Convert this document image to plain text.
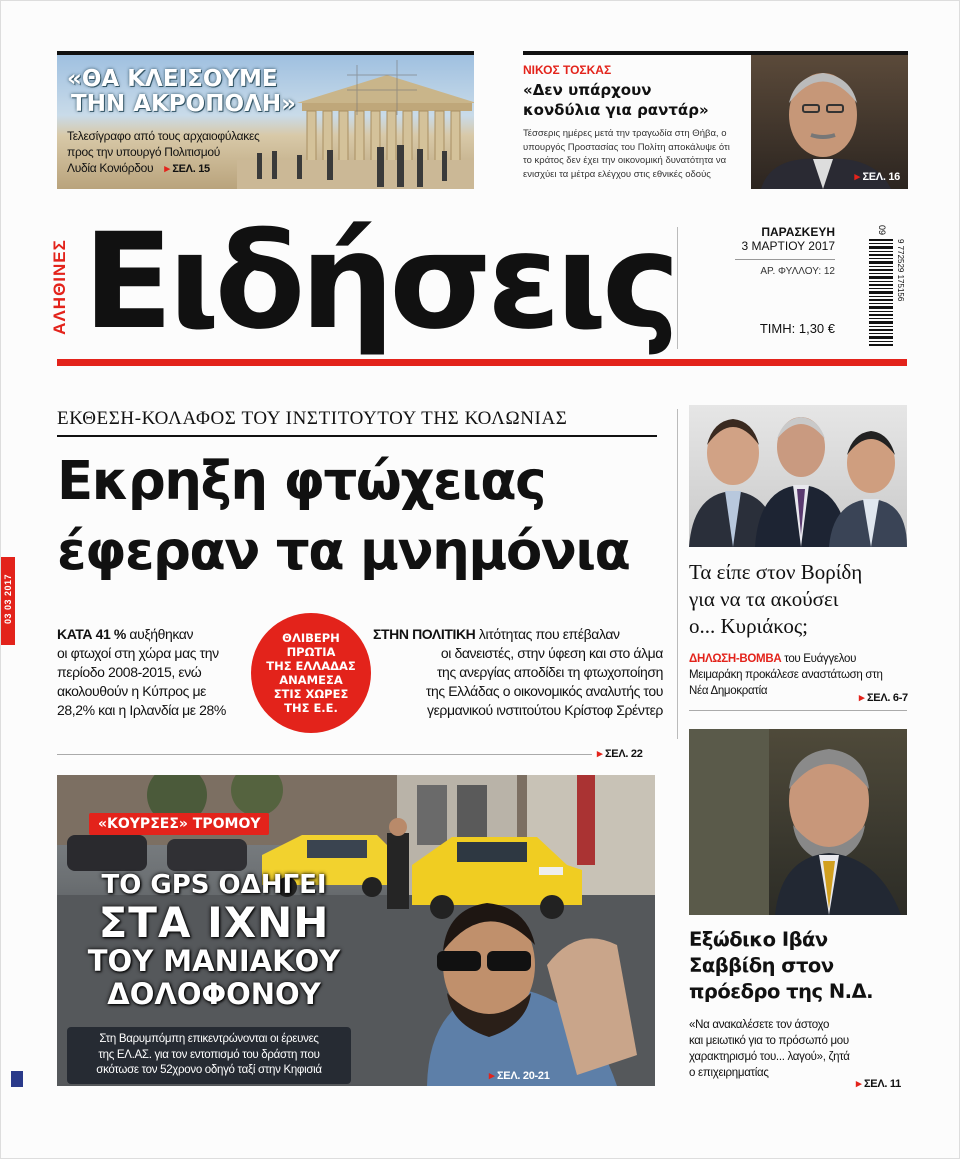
«ΘΑ ΚΛΕΙΣΟΥΜΕ
ΤΗΝ ΑΚΡΟΠΟΛΗ»
Τελεσίγραφο από τους αρχαιοφύλακες
προς την υπουργό Πολιτισμού
Λυδία Κονιόρδου ▸ ΣΕΛ. 15
ΝΙΚΟΣ ΤΟΣΚΑΣ
«Δεν υπάρχουν
κονδύλια για ραντάρ»
Τέσσερις ημέρες μετά την τραγωδία στη Θήβα, ο
υπουργός Προστασίας του Πολίτη αποκάλυψε ότι
το κράτος δεν έχει την οικονομική δυνατότητα να
ενισχύει τα μέτρα ελέγχου στις εθνικές οδούς	▸ ΣΕΛ. 16
ΑΛΗΘΙΝΕΣ Ειδήσεις	ΠΑΡΑΣΚΕΥΗ
3 ΜΑΡΤΙΟΥ 2017
ΑΡ. ΦΥΛΛΟΥ: 12
ΤΙΜΗ: 1,30 €
09
9 772529 175156
03 03 2017
ΕΚΘΕΣΗ-ΚΟΛΑΦΟΣ ΤΟΥ ΙΝΣΤΙΤΟΥΤΟΥ ΤΗΣ ΚΟΛΩΝΙΑΣ
Εκρηξη φτώχειας
έφεραν τα μνημόνια
ΚΑΤΑ 41 % αυξήθηκαν
οι φτωχοί στη χώρα μας την
περίοδο 2008-2015, ενώ
ακολουθούν η Κύπρος με
28,2% και η Ιρλανδία με 28%
ΘΛΙΒΕΡΗ
ΠΡΩΤΙΑ
ΤΗΣ ΕΛΛΑΔΑΣ
ΑΝΑΜΕΣΑ
ΣΤΙΣ ΧΩΡΕΣ
ΤΗΣ Ε.Ε.
ΣΤΗΝ ΠΟΛΙΤΙΚΗ λιτότητας που επέβαλαν
οι δανειστές, στην ύφεση και στο άλμα
της ανεργίας αποδίδει τη φτωχοποίηση
της Ελλάδας ο οικονομικός αναλυτής του
γερμανικού ινστιτούτου Κρίστοφ Σρέντερ
▸ ΣΕΛ. 22
Τα είπε στον Βορίδη
για να τα ακούσει
ο... Κυριάκος;
ΔΗΛΩΣΗ-ΒΟΜΒΑ του Ευάγγελου
Μειμαράκη προκάλεσε αναστάτωση στη
Νέα Δημοκρατία
▸ ΣΕΛ. 6-7
«ΚΟΥΡΣΕΣ» ΤΡΟΜΟΥ
ΤΟ GPS ΟΔΗΓΕΙ
ΣΤΑ ΙΧΝΗ
ΤΟΥ ΜΑΝΙΑΚΟΥ
ΔΟΛΟΦΟΝΟΥ
Στη Βαρυμπόμπη επικεντρώνονται οι έρευνες
της ΕΛ.ΑΣ. για τον εντοπισμό του δράστη που
σκότωσε τον 52χρονο οδηγό ταξί στην Κηφισιά	▸ ΣΕΛ. 20-21
Εξώδικο Ιβάν
Σαββίδη στον
πρόεδρο της Ν.Δ.
«Να ανακαλέσετε τον άστοχο
και μειωτικό για το πρόσωπό μου
χαρακτηρισμό του... λαγού», ζητά
ο επιχειρηματίας
▸ ΣΕΛ. 11
